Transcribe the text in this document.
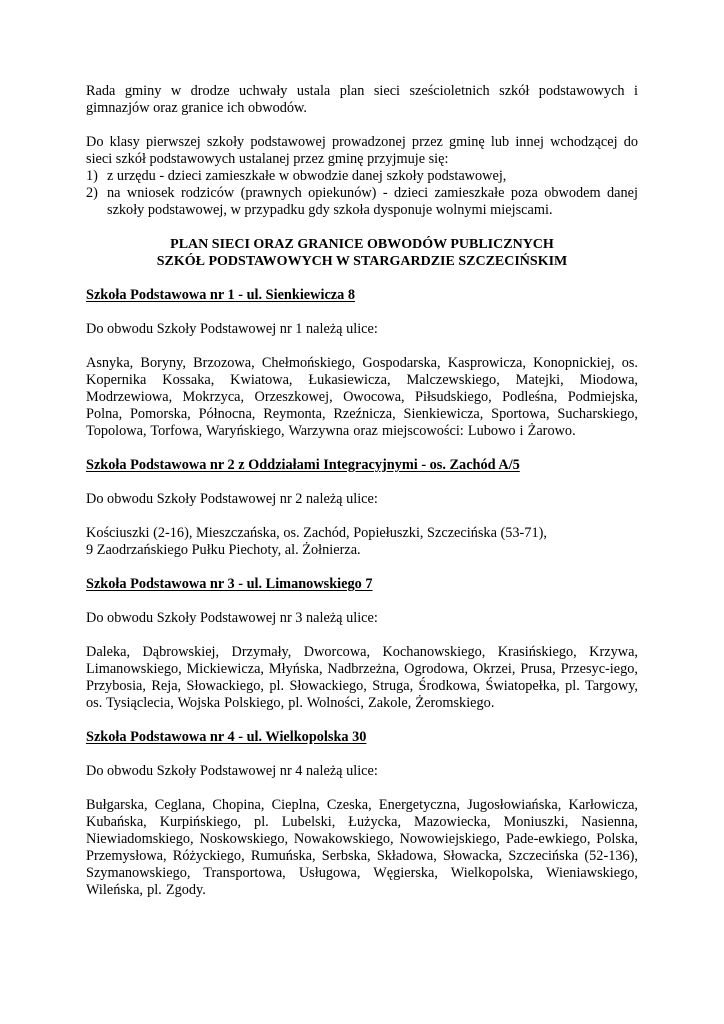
Rada gminy w drodze uchwały ustala plan sieci sześcioletnich szkół podstawowych i gimnazjów oraz granice ich obwodów.

Do klasy pierwszej szkoły podstawowej prowadzonej przez gminę lub innej wchodzącej do sieci szkół podstawowych ustalanej przez gminę przyjmuje się:

1) z urzędu - dzieci zamieszkałe w obwodzie danej szkoły podstawowej,
2) na wniosek rodziców (prawnych opiekunów) - dzieci zamieszkałe poza obwodem danej szkoły podstawowej, w przypadku gdy szkoła dysponuje wolnymi miejscami.
PLAN SIECI ORAZ GRANICE OBWODÓW PUBLICZNYCH
SZKÓŁ PODSTAWOWYCH W STARGARDZIE SZCZECIŃSKIM

Szkoła Podstawowa nr 1 - ul. Sienkiewicza 8

Do obwodu Szkoły Podstawowej nr 1 należą ulice:

Asnyka, Boryny, Brzozowa, Chełmońskiego, Gospodarska, Kasprowicza, Konopnickiej, os. Kopernika Kossaka, Kwiatowa, Łukasiewicza, Malczewskiego, Matejki, Miodowa, Modrzewiowa, Mokrzyca, Orzeszkowej, Owocowa, Piłsudskiego, Podleśna, Podmiejska, Polna, Pomorska, Północna, Reymonta, Rzeźnicza, Sienkiewicza, Sportowa, Sucharskiego, Topolowa, Torfowa, Waryńskiego, Warzywna oraz miejscowości: Lubowo i Żarowo.

Szkoła Podstawowa nr 2 z Oddziałami Integracyjnymi - os. Zachód A/5

Do obwodu Szkoły Podstawowej nr 2 należą ulice:

Kościuszki (2-16), Mieszczańska, os. Zachód, Popiełuszki, Szczecińska (53-71),

9 Zaodrzańskiego Pułku Piechoty, al. Żołnierza.

Szkoła Podstawowa nr 3 - ul. Limanowskiego 7

Do obwodu Szkoły Podstawowej nr 3 należą ulice:

Daleka, Dąbrowskiej, Drzymały, Dworcowa, Kochanowskiego, Krasińskiego, Krzywa, Limanowskiego, Mickiewicza, Młyńska, Nadbrzeżna, Ogrodowa, Okrzei, Prusa, Przesyc-iego, Przybosia, Reja, Słowackiego, pl. Słowackiego, Struga, Środkowa, Światopełka, pl. Targowy, os. Tysiąclecia, Wojska Polskiego, pl. Wolności, Zakole, Żeromskiego.

Szkoła Podstawowa nr 4 - ul. Wielkopolska 30

Do obwodu Szkoły Podstawowej nr 4 należą ulice:

Bułgarska, Ceglana, Chopina, Cieplna, Czeska, Energetyczna, Jugosłowiańska, Karłowicza, Kubańska, Kurpińskiego, pl. Lubelski, Łużycka, Mazowiecka, Moniuszki, Nasienna, Niewiadomskiego, Noskowskiego, Nowakowskiego, Nowowiejskiego, Pade-ewkiego, Polska, Przemysłowa, Różyckiego, Rumuńska, Serbska, Składowa, Słowacka, Szczecińska (52-136), Szymanowskiego, Transportowa, Usługowa, Węgierska, Wielkopolska, Wieniawskiego, Wileńska, pl. Zgody.
